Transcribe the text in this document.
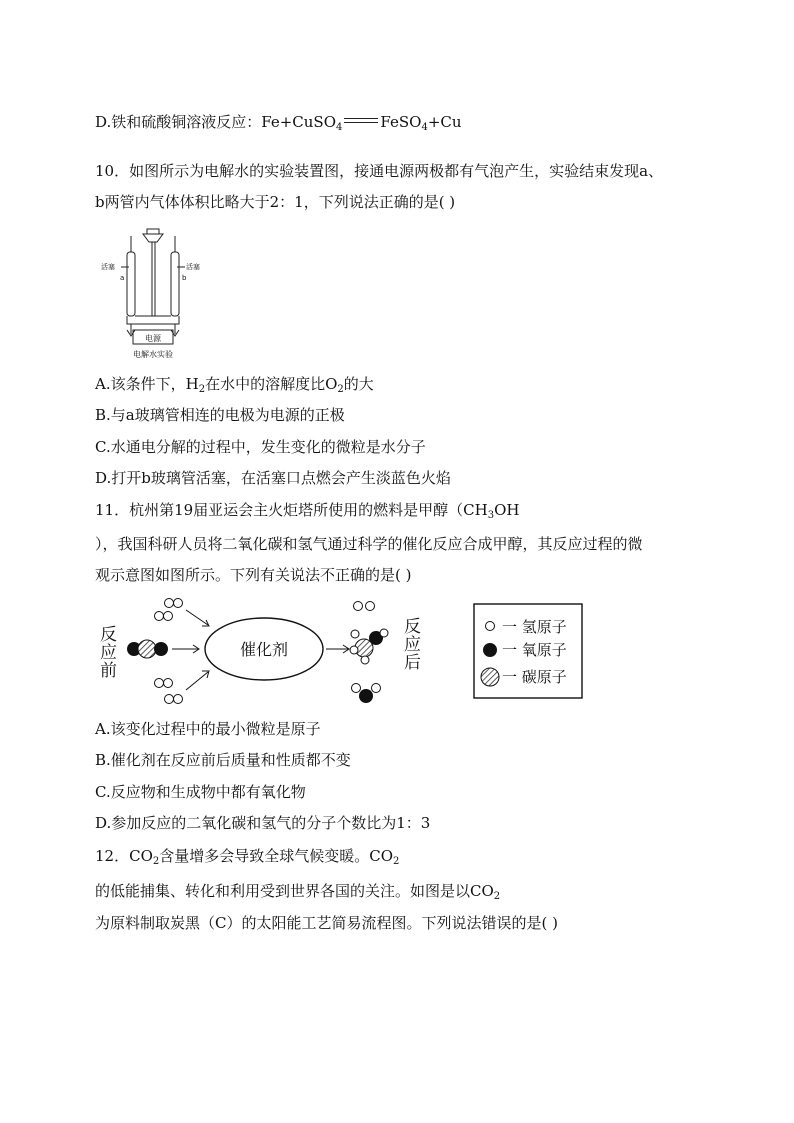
D.铁和硫酸铜溶液反应：Fe+CuSO$_4$	FeSO$_4$+Cu
10．如图所示为电解水的实验装置图，接通电源两极都有气泡产生，实验结束发现a、
b两管内气体体积比略大于2：1，下列说法正确的是( )
电源
活塞	活塞
a	b
电解水实验
A.该条件下，$H_2$在水中的溶解度比$O_2$的大
B.与a玻璃管相连的电极为电源的正极
C.水通电分解的过程中，发生变化的微粒是水分子
D.打开b玻璃管活塞，在活塞口点燃会产生淡蓝色火焰
11．杭州第19届亚运会主火炬塔所使用的燃料是甲醇（$CH_3OH$
），我国科研人员将二氧化碳和氢气通过科学的催化反应合成甲醇，其反应过程的微
观示意图如图所示。下列有关说法不正确的是( )
反
应
前
催化剂
反
应
后
一 氢原子
一 氧原子
一 碳原子
A.该变化过程中的最小微粒是原子
B.催化剂在反应前后质量和性质都不变
C.反应物和生成物中都有氧化物
D.参加反应的二氧化碳和氢气的分子个数比为1：3
12．$CO_2$含量增多会导致全球气候变暖。$CO_2$
的低能捕集、转化和利用受到世界各国的关注。如图是以$CO_2$
为原料制取炭黑（C）的太阳能工艺简易流程图。下列说法错误的是( )
